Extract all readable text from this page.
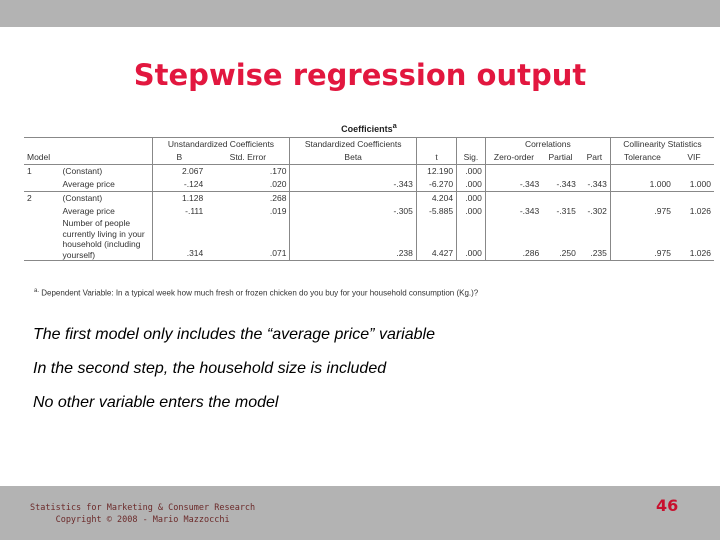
Stepwise regression output
Coefficients$^a$
		Unstandardized Coefficients		Standardized Coefficients			Correlations			Collinearity Statistics	
Model		B	Std. Error	Beta	t	Sig.	Zero-order	Partial	Part	Tolerance	VIF
1	(Constant)	2.067	.170		12.190	.000					
	Average price	-.124	.020	-.343	-6.270	.000	-.343	-.343	-.343	1.000	1.000
2	(Constant)	1.128	.268		4.204	.000					
	Average price	-.111	.019	-.305	-5.885	.000	-.343	-.315	-.302	.975	1.026
	Number of people currently living in your household (including yourself)	.314	.071	.238	4.427	.000	.286	.250	.235	.975	1.026
$^{a.}$ Dependent Variable: In a typical week how much fresh or frozen chicken do you buy for your household consumption (Kg.)?
The first model only includes the “average price” variable
In the second step, the household size is included
No other variable enters the model
Statistics for Marketing & Consumer Research
Copyright © 2008 - Mario Mazzocchi
46
